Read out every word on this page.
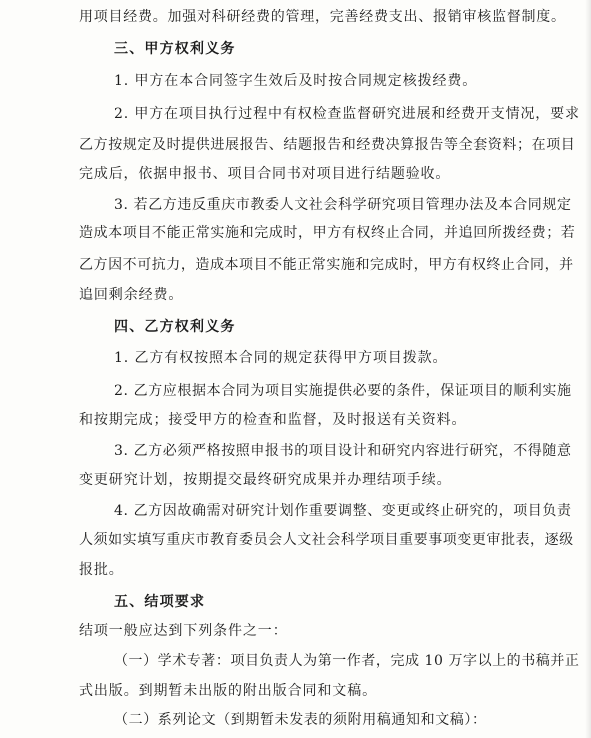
用项目经费。加强对科研经费的管理，完善经费支出、报销审核监督制度。
三、甲方权利义务
1. 甲方在本合同签字生效后及时按合同规定核拨经费。
2. 甲方在项目执行过程中有权检查监督研究进展和经费开支情况，要求
乙方按规定及时提供进展报告、结题报告和经费决算报告等全套资料；在项目
完成后，依据申报书、项目合同书对项目进行结题验收。
3. 若乙方违反重庆市教委人文社会科学研究项目管理办法及本合同规定
造成本项目不能正常实施和完成时，甲方有权终止合同，并追回所拨经费；若
乙方因不可抗力，造成本项目不能正常实施和完成时，甲方有权终止合同，并
追回剩余经费。
四、乙方权利义务
1. 乙方有权按照本合同的规定获得甲方项目拨款。
2. 乙方应根据本合同为项目实施提供必要的条件，保证项目的顺利实施
和按期完成；接受甲方的检查和监督，及时报送有关资料。
3. 乙方必须严格按照申报书的项目设计和研究内容进行研究，不得随意
变更研究计划，按期提交最终研究成果并办理结项手续。
4. 乙方因故确需对研究计划作重要调整、变更或终止研究的，项目负责
人须如实填写重庆市教育委员会人文社会科学项目重要事项变更审批表，逐级
报批。
五、结项要求
结项一般应达到下列条件之一：
（一）学术专著：项目负责人为第一作者，完成 10 万字以上的书稿并正
式出版。到期暂未出版的附出版合同和文稿。
（二）系列论文（到期暂未发表的须附用稿通知和文稿）：
